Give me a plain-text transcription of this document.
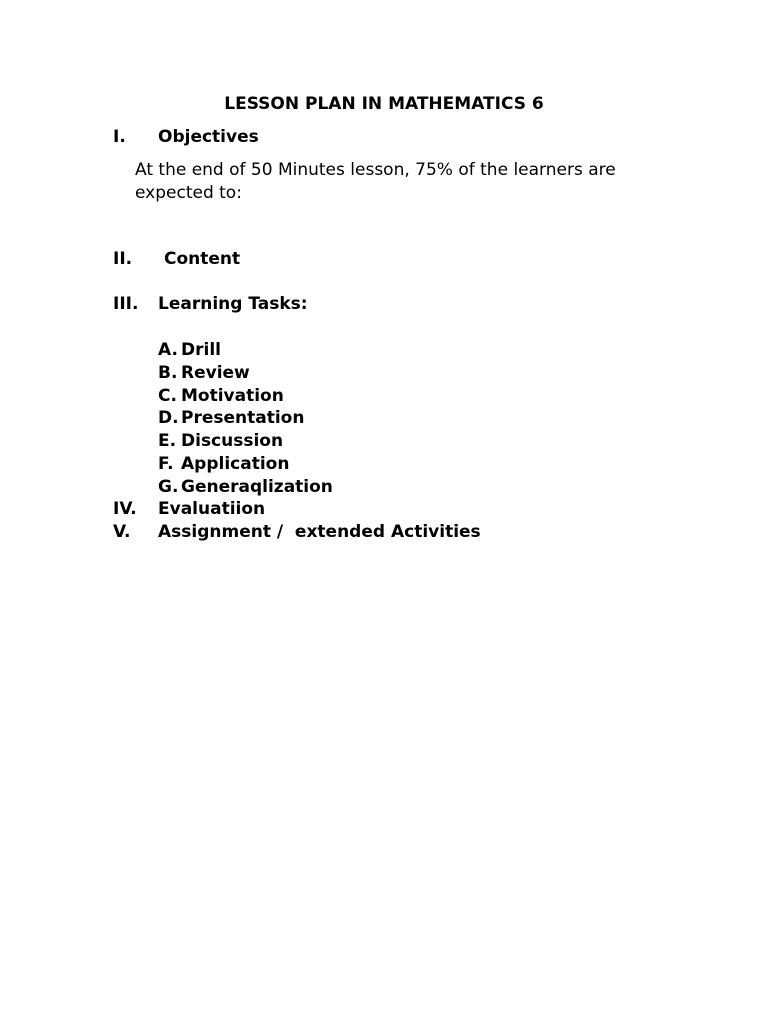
LESSON PLAN IN MATHEMATICS 6
I. Objectives
At the end of 50 Minutes lesson, 75% of the learners are
expected to:
II. Content
III. Learning Tasks:
A. Drill
B. Review
C. Motivation
D. Presentation
E. Discussion
F. Application
G. Generaqlization
IV. Evaluatiion
V. Assignment /  extended Activities
